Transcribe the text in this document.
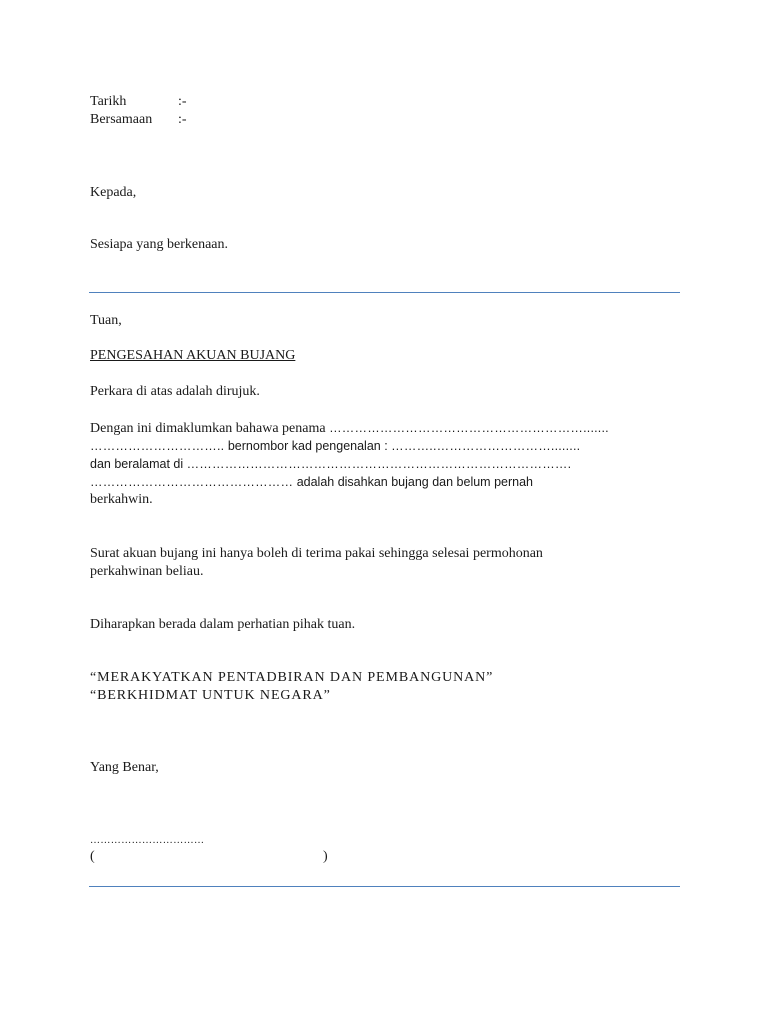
Tarikh	:-
Bersamaan :-
Kepada,
Sesiapa yang berkenaan.
Tuan,
PENGESAHAN AKUAN BUJANG
Perkara di atas adalah dirujuk.
Dengan ini dimaklumkan bahawa penama …………………………………………………….......
………………………….. bernombor kad pengenalan : ………..………………………........
dan beralamat di ……………………………………………………………………………….
………………………………………… adalah disahkan bujang dan belum pernah
berkahwin.
Surat akuan bujang ini hanya boleh di terima pakai sehingga selesai permohonan
perkahwinan beliau.
Diharapkan berada dalam perhatian pihak tuan.
“MERAKYATKAN PENTADBIRAN DAN PEMBANGUNAN”
“BERKHIDMAT UNTUK NEGARA”
Yang Benar,
……………………………
(	)
